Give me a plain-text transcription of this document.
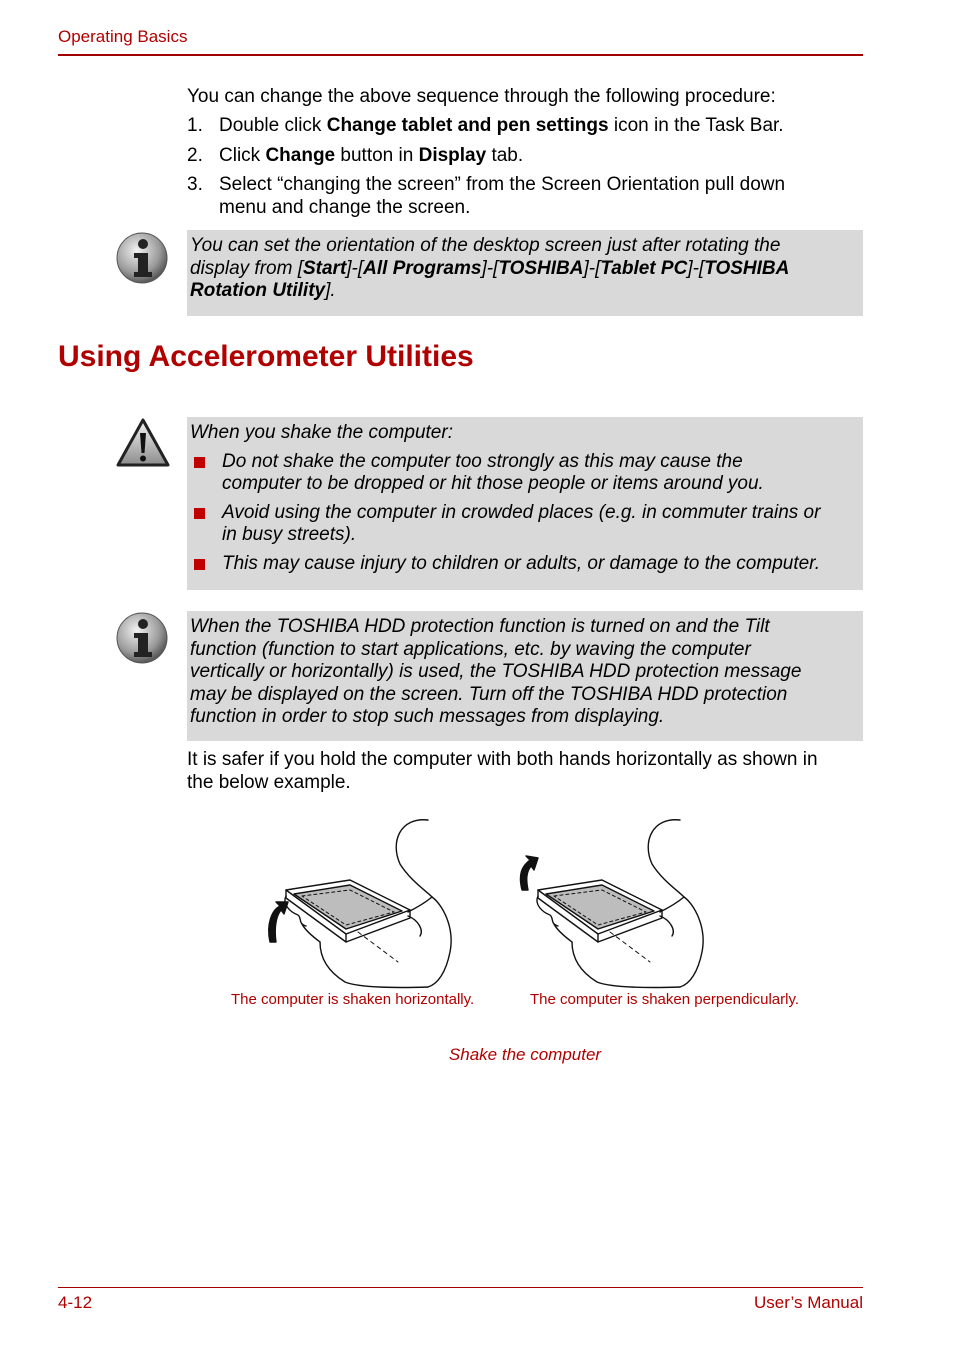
Operating Basics
You can change the above sequence through the following procedure:
1. Double click Change tablet and pen settings icon in the Task Bar.
2. Click Change button in Display tab.
3. Select “changing the screen” from the Screen Orientation pull down
menu and change the screen.
You can set the orientation of the desktop screen just after rotating the
display from [Start]-[All Programs]-[TOSHIBA]-[Tablet PC]-[TOSHIBA
Rotation Utility].
Using Accelerometer Utilities
When you shake the computer:
Do not shake the computer too strongly as this may cause the
computer to be dropped or hit those people or items around you.
Avoid using the computer in crowded places (e.g. in commuter trains or
in busy streets).
This may cause injury to children or adults, or damage to the computer.
When the TOSHIBA HDD protection function is turned on and the Tilt
function (function to start applications, etc. by waving the computer
vertically or horizontally) is used, the TOSHIBA HDD protection message
may be displayed on the screen. Turn off the TOSHIBA HDD protection
function in order to stop such messages from displaying.
It is safer if you hold the computer with both hands horizontally as shown in
the below example.
The computer is shaken horizontally.	The computer is shaken perpendicularly.
Shake the computer
4-12	User’s Manual
